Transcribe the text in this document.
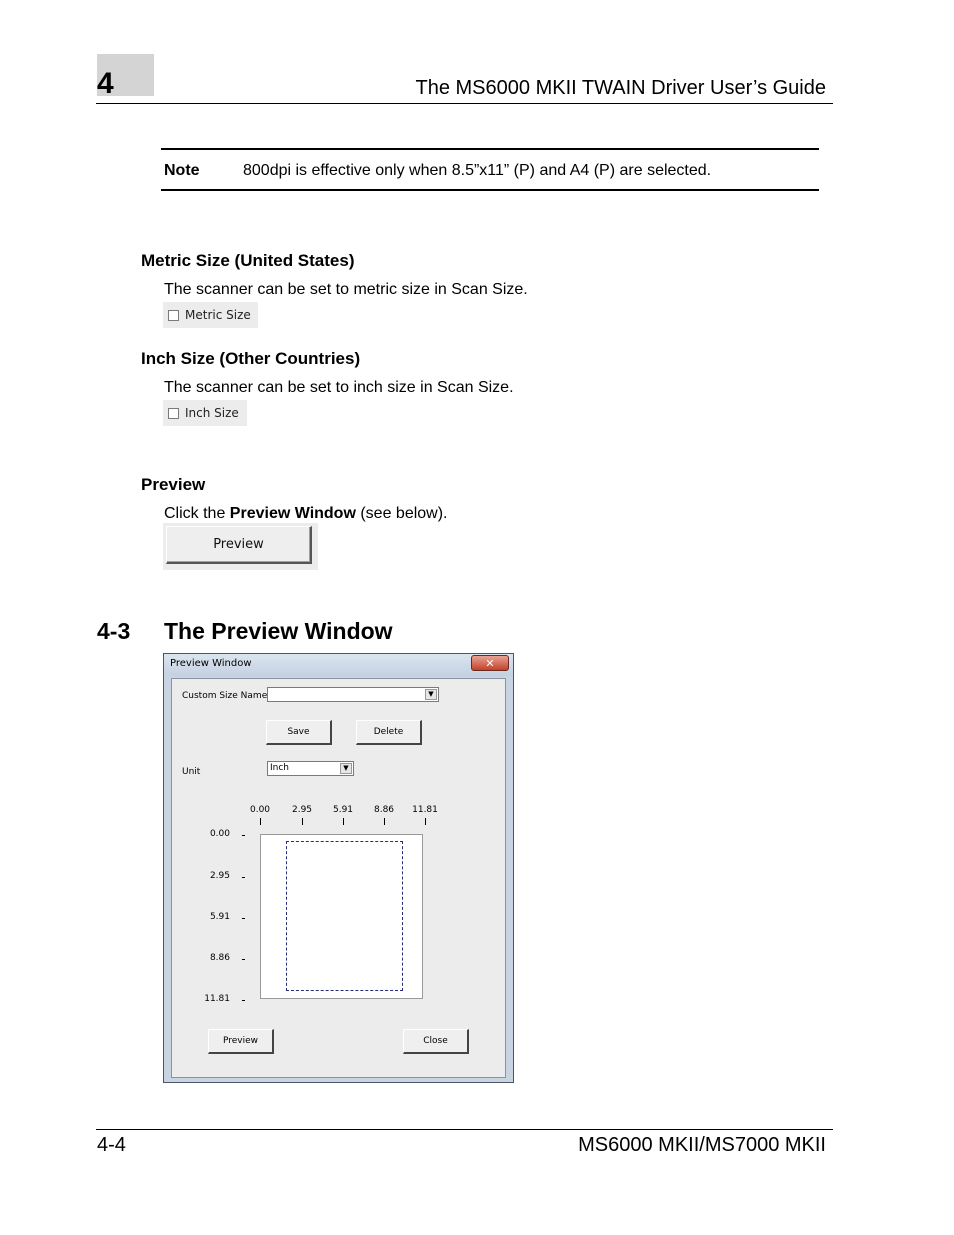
4	The MS6000 MKII TWAIN Driver User’s Guide
Note	800dpi is effective only when 8.5”x11” (P) and A4 (P) are selected.
Metric Size (United States)
The scanner can be set to metric size in Scan Size.
Metric Size
Inch Size (Other Countries)
The scanner can be set to inch size in Scan Size.
Inch Size
Preview
Click the Preview Window (see below).
Preview
4-3 The Preview Window
Preview Window	✕
Custom Size Name	▼
Save	Delete
Unit	Inch	▼
0.00 2.95 5.91 8.86 11.81
0.00
2.95
5.91
8.86
11.81
Preview	Close
4-4	MS6000 MKII/MS7000 MKII
